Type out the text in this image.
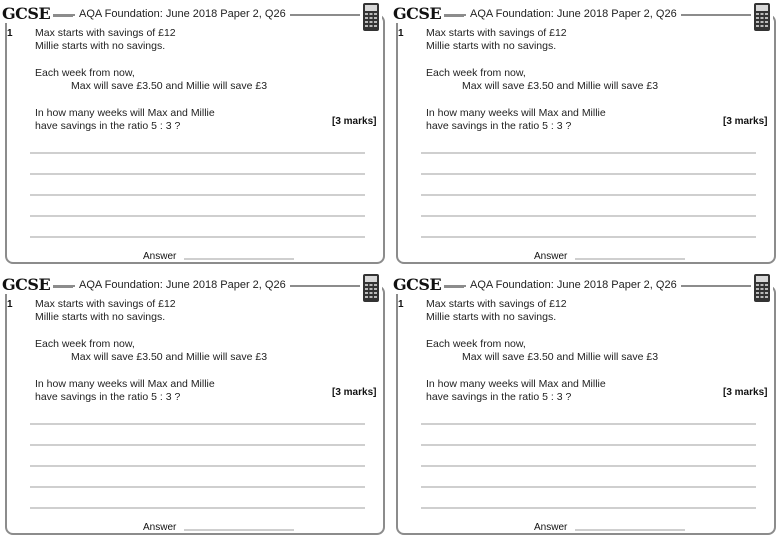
GCSE	AQA Foundation: June 2018 Paper 2, Q26
1 Max starts with savings of £12
Millie starts with no savings.
Each week from now,
Max will save £3.50 and Millie will save £3
In how many weeks will Max and Millie
have savings in the ratio 5 : 3 ?	[3 marks]
Answer
GCSE	AQA Foundation: June 2018 Paper 2, Q26
1 Max starts with savings of £12
Millie starts with no savings.
Each week from now,
Max will save £3.50 and Millie will save £3
In how many weeks will Max and Millie
have savings in the ratio 5 : 3 ?	[3 marks]
Answer
GCSE	AQA Foundation: June 2018 Paper 2, Q26
1 Max starts with savings of £12
Millie starts with no savings.
Each week from now,
Max will save £3.50 and Millie will save £3
In how many weeks will Max and Millie
have savings in the ratio 5 : 3 ?	[3 marks]
Answer
GCSE	AQA Foundation: June 2018 Paper 2, Q26
1 Max starts with savings of £12
Millie starts with no savings.
Each week from now,
Max will save £3.50 and Millie will save £3
In how many weeks will Max and Millie
have savings in the ratio 5 : 3 ?	[3 marks]
Answer
